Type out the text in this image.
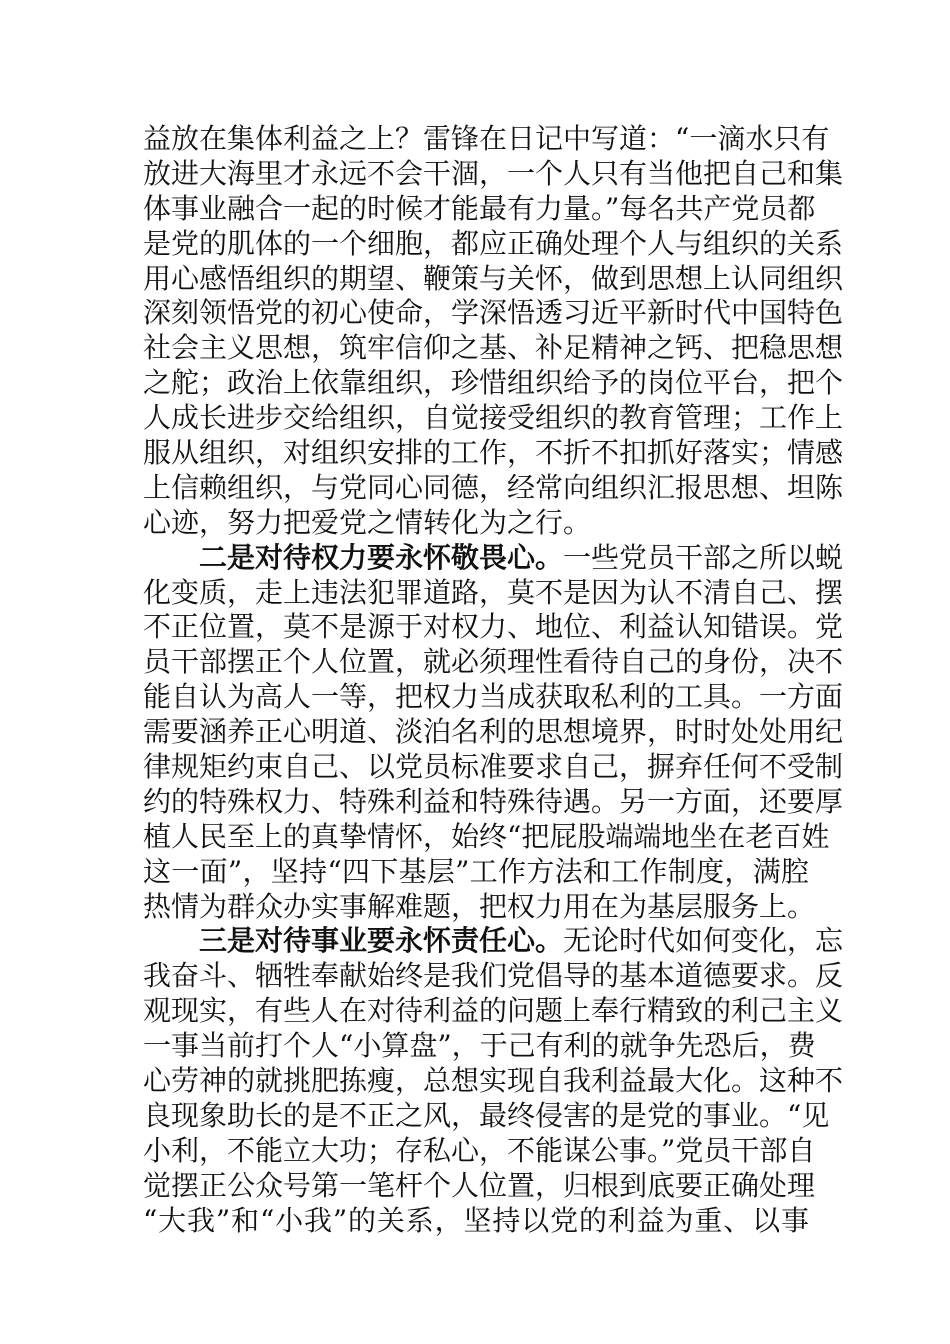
益放在集体利益之上？雷锋在日记中写道：“一滴水只有
放进大海里才永远不会干涸，一个人只有当他把自己和集
体事业融合一起的时候才能最有力量。”每名共产党员都
是党的肌体的一个细胞，都应正确处理个人与组织的关系
用心感悟组织的期望、鞭策与关怀，做到思想上认同组织
深刻领悟党的初心使命，学深悟透习近平新时代中国特色
社会主义思想，筑牢信仰之基、补足精神之钙、把稳思想
之舵；政治上依靠组织，珍惜组织给予的岗位平台，把个
人成长进步交给组织，自觉接受组织的教育管理；工作上
服从组织，对组织安排的工作，不折不扣抓好落实；情感
上信赖组织，与党同心同德，经常向组织汇报思想、坦陈
心迹，努力把爱党之情转化为之行。
二是对待权力要永怀敬畏心。一些党员干部之所以蜕
化变质，走上违法犯罪道路，莫不是因为认不清自己、摆
不正位置，莫不是源于对权力、地位、利益认知错误。党
员干部摆正个人位置，就必须理性看待自己的身份，决不
能自认为高人一等，把权力当成获取私利的工具。一方面
需要涵养正心明道、淡泊名利的思想境界，时时处处用纪
律规矩约束自己、以党员标准要求自己，摒弃任何不受制
约的特殊权力、特殊利益和特殊待遇。另一方面，还要厚
植人民至上的真挚情怀，始终“把屁股端端地坐在老百姓
这一面”，坚持“四下基层”工作方法和工作制度，满腔
热情为群众办实事解难题，把权力用在为基层服务上。
三是对待事业要永怀责任心。无论时代如何变化，忘
我奋斗、牺牲奉献始终是我们党倡导的基本道德要求。反
观现实，有些人在对待利益的问题上奉行精致的利己主义
一事当前打个人“小算盘”，于己有利的就争先恐后，费
心劳神的就挑肥拣瘦，总想实现自我利益最大化。这种不
良现象助长的是不正之风，最终侵害的是党的事业。“见
小利，不能立大功；存私心，不能谋公事。”党员干部自
觉摆正公众号第一笔杆个人位置，归根到底要正确处理
“大我”和“小我”的关系，坚持以党的利益为重、以事
